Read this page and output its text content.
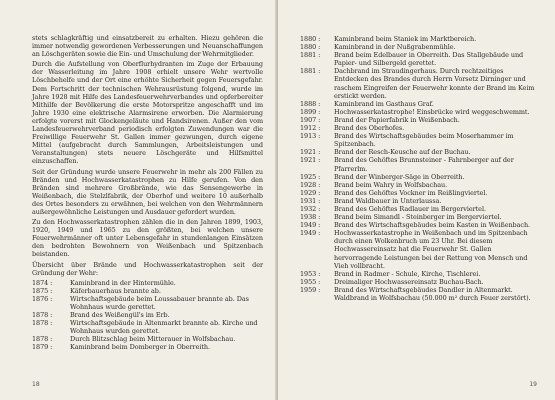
stets schlagkräftig und einsatzbereit zu erhalten. Hiezu gehören die immer notwendig gewordenen Verbesserungen und Neuanschaffungen an Löschgeräten sowie die Ein- und Umschulung der Wehrmitglieder.

Durch die Aufstellung von Oberflurhydranten im Zuge der Erbauung der Wasserleitung im Jahre 1908 erhielt unsere Wehr wertvolle Löschbehelfe und der Ort eine erhöhte Sicherheit gegen Feuersgefahr. Dem Fortschritt der technischen Wehrausrüstung folgend, wurde im Jahre 1928 mit Hilfe des Landesfeuerwehrverbandes und opferbereiter Mithilfe der Bevölkerung die erste Motorspritze angeschafft und im Jahre 1930 eine elektrische Alarmsirene erworben. Die Alarmierung erfolgte vorerst mit Glockengeläute und Handsirenen. Außer den vom Landesfeuerwehrverband periodisch erfolgten Zuwendungen war die Freiwillige Feuerwehr St. Gallen immer gezwungen, durch eigene Mittel (aufgebracht durch Sammlungen, Arbeitsleistungen und Veranstaltungen) stets neuere Löschgeräte und Hilfsmittel einzuschaffen.

Seit der Gründung wurde unsere Feuerwehr in mehr als 200 Fällen zu Bränden und Hochwasserkatastrophen zu Hilfe gerufen. Von den Bränden sind mehrere Großbrände, wie das Sensengewerbe in Weißenbach, die Stelzlfabrik, der Oberhof und weitere 10 außerhalb des Ortes besonders zu erwähnen, bei welchen von den Wehrmännern außergewöhnliche Leistungen und Ausdauer gefordert wurden.

Zu den Hochwasserkatastrophen zählen die in den Jahren 1899, 1903, 1920, 1949 und 1965 zu den größten, bei welchen unsere Feuerwehrmänner oft unter Lebensgefahr in stundenlangen Einsätzen den bedrohten Bewohnern von Weißenbach und Spitzenbach beistanden.

Übersicht über Brände und Hochwasserkatastrophen seit der Gründung der Wehr:

1874 :	Kaminbrand in der Hintermühle.
1875 :	Käferbauerhaus brannte ab.
1876 :	Wirtschaftsgebäude beim Loussabauer brannte ab. Das Wohnhaus wurde gerettet.
1878 :	Brand des Weißengül's im Erb.
1878 :	Wirtschaftsgebäude in Altenmarkt brannte ab. Kirche und Wohnhaus wurden gerettet.
1878 :	Durch Blitzschlag beim Mitterauer in Wolfsbachau.
1879 :	Kaminbrand beim Domberger in Oberreith.
18
1880 :	Kaminbrand beim Staniek im Marktbereich.
1880 :	Kaminbrand in der Nußgrabenmühle.
1881 :	Brand beim Edelbauer in Oberreith. Das Stallgebäude und Papier- und Silbergeld gerettet.
1881 :	Dachbrand im Straudingerhaus. Durch rechtzeitiges Entdecken des Brandes durch Herrn Vorsetz Dirninger und raschem Eingreifen der Feuerwehr konnte der Brand im Keim erstickt werden.
1888 :	Kaminbrand im Gasthaus Graf.
1899 :	Hochwasserkatastrophe! Einsbrücke wird weggeschwemmt.
1907 :	Brand der Papierfabrik in Weißenbach.
1912 :	Brand des Oberhofes.
1913 :	Brand des Wirtschaftsgebäudes beim Moserhammer im Spitzenbach.
1921 :	Brand der Resch-Keusche auf der Buchau.
1921 :	Brand des Gehöftes Brunnsteiner - Fahrnberger auf der Pfarrerlm.
1925 :	Brand der Winberger-Säge in Oberreith.
1928 :	Brand beim Wahry in Wolfsbachau.
1929 :	Brand des Gehöftes Vockner im Reißlingviertel.
1931 :	Brand Waldbauer in Unterlaussa.
1932 :	Brand des Gehöftes Radlauer im Bergerviertel.
1938 :	Brand beim Simandl - Steinberger im Bergerviertel.
1949 :	Brand des Wirtschaftsgebäudes beim Kasten in Weißenbach.
1949 :	Hochwasserkatastrophe in Weißenbach und im Spitzenbach durch einen Wolkenbruch um 23 Uhr. Bei diesem Hochwassereinsatz hat die Feuerwehr St. Gallen hervorragende Leistungen bei der Rettung von Mensch und Vieh vollbracht.
1953 :	Brand in Radmer - Schule, Kirche, Tischlerei.
1955 :	Dreimaliger Hochwassereinsatz Buchau-Bach.
1959 :	Brand des Wirtschaftsgebäudes Dandler in Altenmarkt.
Waldbrand in Wolfsbachau (50.000 m² durch Feuer zerstört).
19
